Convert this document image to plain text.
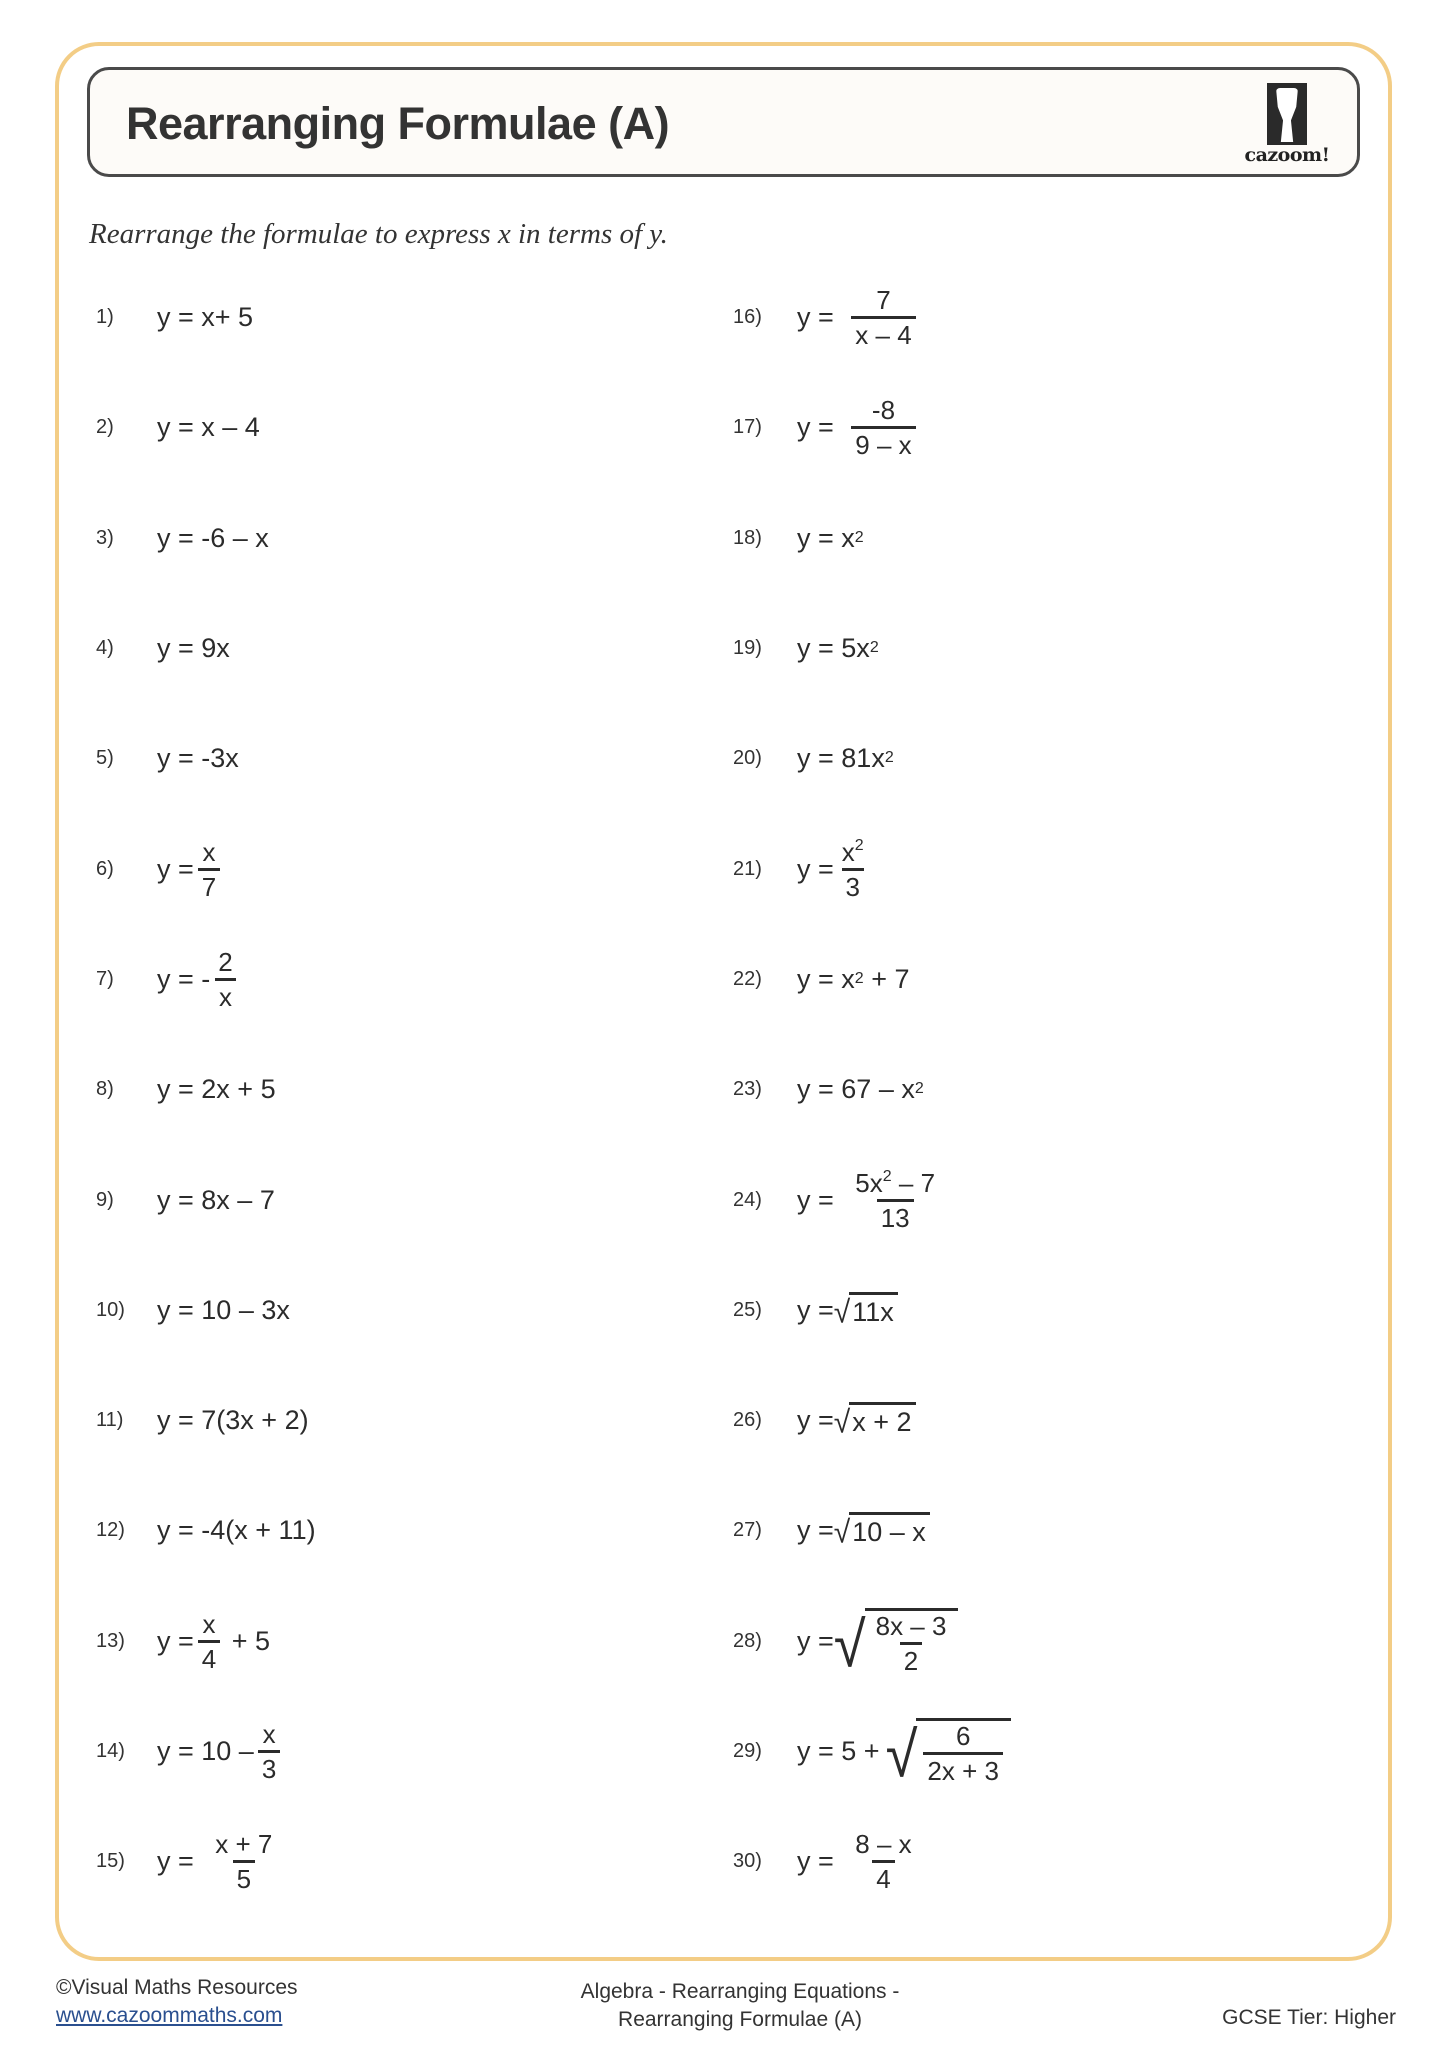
Rearranging Formulae (A)
cazoom!
Rearrange the formulae to express x in terms of y.
1) y = x+ 5
2) y = x – 4
3) y = -6 – x
4) y = 9x
5) y = -3x
6) $y = \frac{x}{7}$
7) y = - $\frac{2}{x}$
8) y = 2x + 5
9) y = 8x – 7
10) y = 10 – 3x
11) y = 7(3x + 2)
12) y = -4(x + 11)
13) $y = \frac{x}{4} + 5$
14) $y = 10 - \frac{x}{3}$
15) $y = \frac{x + 7}{5}$
16) $y = \frac{7}{x - 4}$
17) $y = \frac{-8}{9 - x}$
18) y = x 2
19) y = 5x 2
20) y = 81x 2
21) $y = \frac{x^2}{3}$
22) y = x 2 + 7
23) y = 67 – x 2
24) $y = \frac{5x^2 - 7}{13}$
25) y = √ 11x
26) y = √ x + 2
27) y = √ 10 – x
28) y = √ $\frac{8x - 3}{2}$
29) y = 5 + √ $\frac{6}{2x + 3}$
30) $y = \frac{8 - x}{4}$
©Visual Maths Resources
www.cazoommaths.com
Algebra - Rearranging Equations -
Rearranging Formulae (A)	GCSE Tier: Higher
